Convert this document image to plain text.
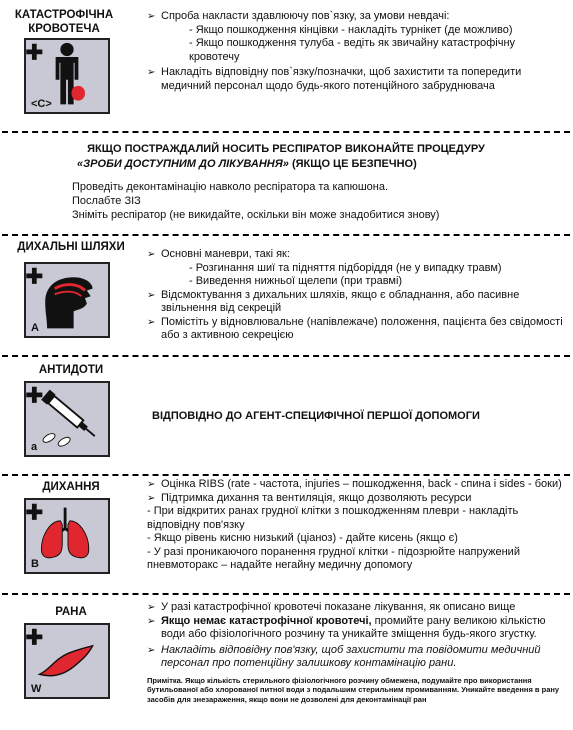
КАТАСТРОФІЧНА КРОВОТЕЧА
<C>

➢ Спроба накласти здавлюючу пов`язку, за умови невдачі:

- Якщо пошкодження кінцівки - накладіть турнікет (де можливо)

- Якщо пошкодження тулуба - ведіть як звичайну катастрофічну кровотечу

➢ Накладіть відповідну пов`язку/позначки, щоб захистити та попередити медичний персонал щодо будь-якого потенційного забруднювача

ЯКЩО ПОСТРАЖДАЛИЙ НОСИТЬ РЕСПІРАТОР ВИКОНАЙТЕ ПРОЦЕДУРУ
«ЗРОБИ ДОСТУПНИМ ДО ЛІКУВАННЯ» (ЯКЩО ЦЕ БЕЗПЕЧНО)

Проведіть деконтамінацію навколо респіратора та капюшона.

Послабте ЗІЗ

Зніміть респіратор (не викидайте, оскільки він може знадобитися знову)

ДИХАЛЬНІ ШЛЯХИ
A

➢ Основні маневри, такі як:

- Розгинання шиї та підняття підборіддя (не у випадку травм)

- Виведення нижньої щелепи (при травмі)

➢ Відсмоктування з дихальних шляхів, якщо є обладнання, або пасивне звільнення від секрецій

➢ Помістіть у відновлювальне (напівлежаче) положення, пацієнта без свідомості або з активною секрецією

АНТИДОТИ
a
ВІДПОВІДНО ДО АГЕНТ-СПЕЦИФІЧНОЇ ПЕРШОЇ ДОПОМОГИ
ДИХАННЯ
B

➢ Оцінка RIBS (rate - частота, injuries – пошкодження, back - спина і sides - боки)

➢ Підтримка дихання та вентиляція, якщо дозволяють ресурси

- При відкритих ранах грудної клітки з пошкодженням плеври - накладіть відповідну пов'язку

- Якщо рівень кисню низький (ціаноз) - дайте кисень (якщо є)

- У разі проникаючого поранення грудної клітки - підозрюйте напружений пневмоторакс – надайте негайну медичну допомогу

РАНА
W

➢ У разі катастрофічної кровотечі показане лікування, як описано вище

➢ Якщо немає катастрофічної кровотечі, промийте рану великою кількістю води або фізіологічного розчину та уникайте зміщення будь-якого згустку.

➢ Накладіть відповідну пов'язку, щоб захистити та повідомити медичний персонал про потенційну залишкову контамінацію рани.

Примітка. Якщо кількість стерильного фізіологічного розчину обмежена, подумайте про використання бутильованої або хлорованої питної води з подальшим стерильним промиванням. Уникайте введення в рану засобів для знезараження, якщо вони не дозволені для деконтамінації ран
